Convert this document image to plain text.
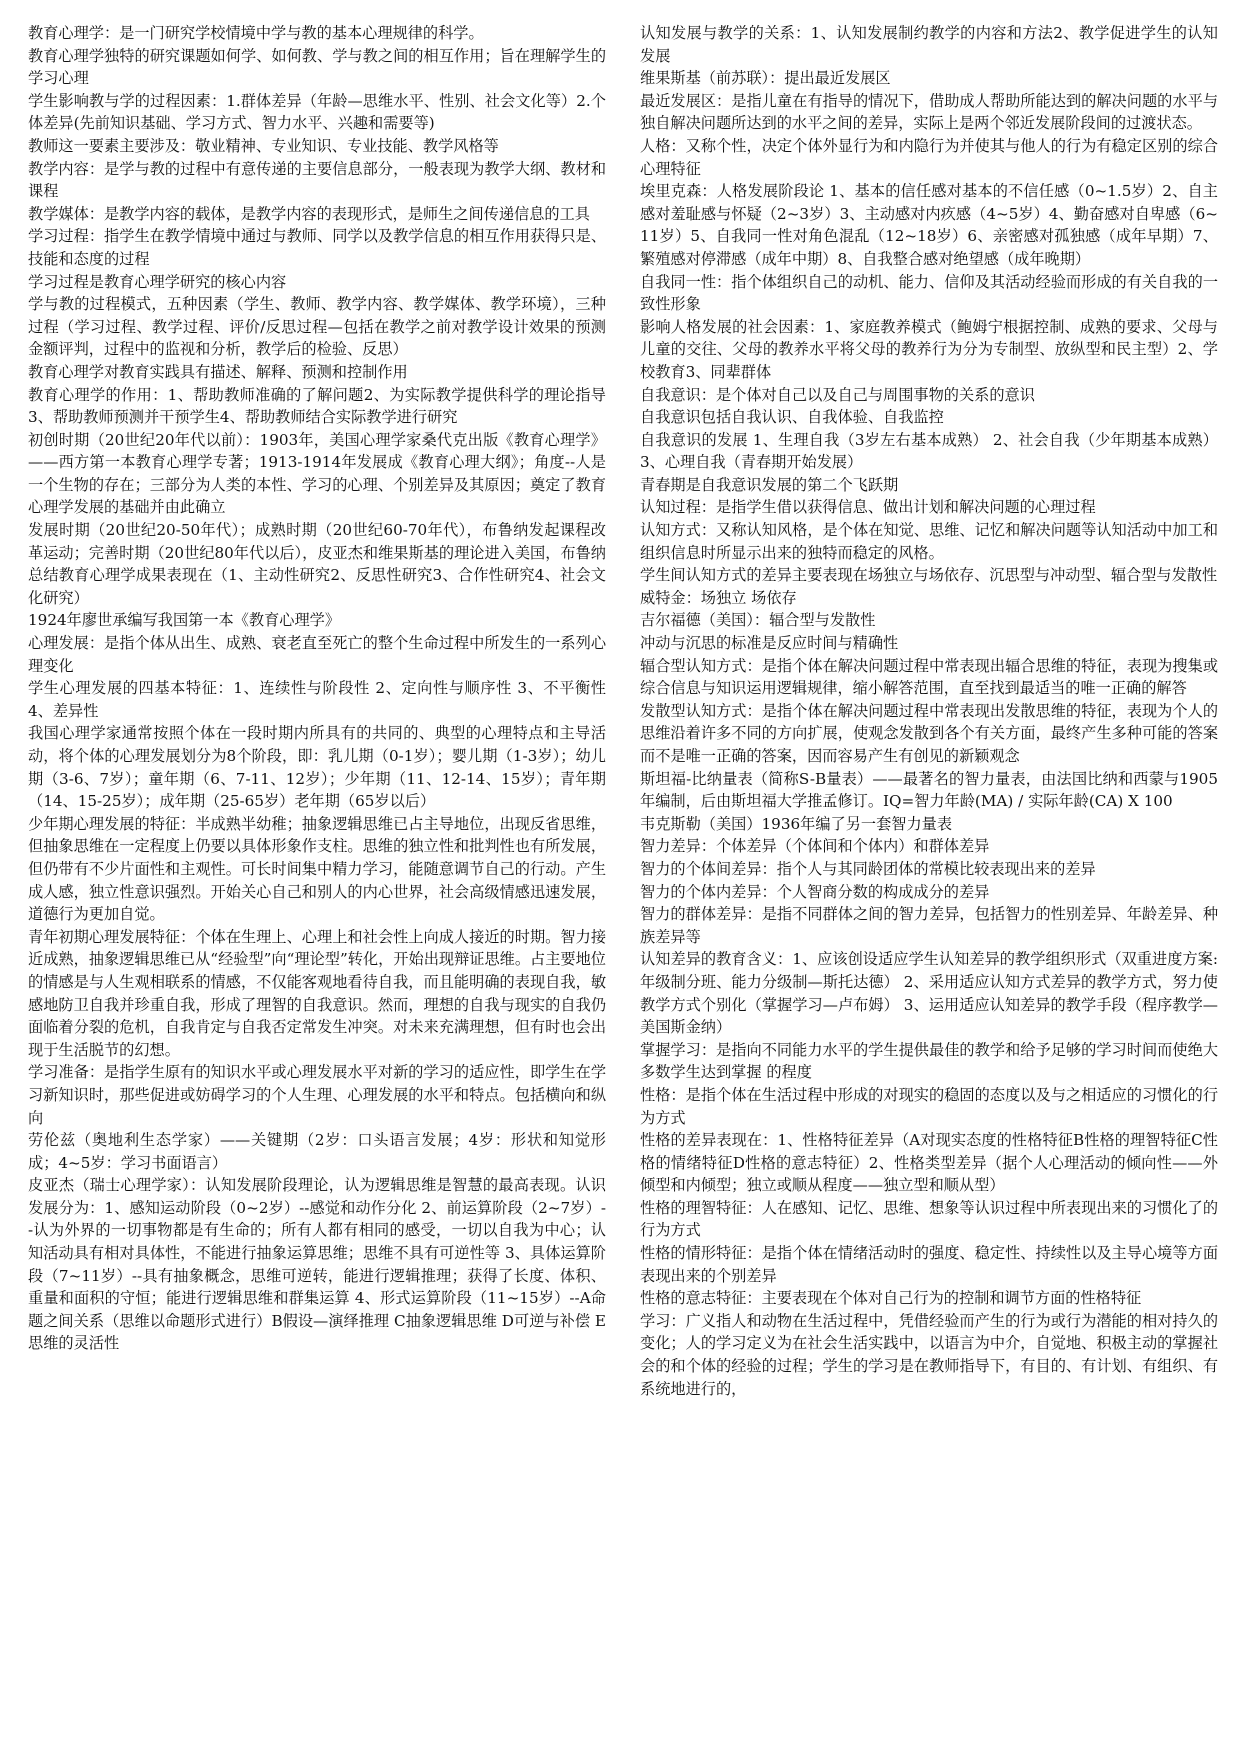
教育心理学：是一门研究学校情境中学与教的基本心理规律的科学。

教育心理学独特的研究课题如何学、如何教、学与教之间的相互作用；旨在理解学生的学习心理

学生影响教与学的过程因素：1.群体差异（年龄—思维水平、性别、社会文化等）2.个体差异(先前知识基础、学习方式、智力水平、兴趣和需要等)

教师这一要素主要涉及：敬业精神、专业知识、专业技能、教学风格等

教学内容：是学与教的过程中有意传递的主要信息部分，一般表现为教学大纲、教材和课程

教学媒体：是教学内容的载体，是教学内容的表现形式，是师生之间传递信息的工具

学习过程：指学生在教学情境中通过与教师、同学以及教学信息的相互作用获得只是、技能和态度的过程

学习过程是教育心理学研究的核心内容

学与教的过程模式，五种因素（学生、教师、教学内容、教学媒体、教学环境），三种过程（学习过程、教学过程、评价/反思过程—包括在教学之前对教学设计效果的预测金额评判，过程中的监视和分析，教学后的检验、反思）

教育心理学对教育实践具有描述、解释、预测和控制作用

教育心理学的作用：1、帮助教师准确的了解问题2、为实际教学提供科学的理论指导3、帮助教师预测并干预学生4、帮助教师结合实际教学进行研究

初创时期（20世纪20年代以前）：1903年，美国心理学家桑代克出版《教育心理学》——西方第一本教育心理学专著；1913-1914年发展成《教育心理大纲》；角度--人是一个生物的存在；三部分为人类的本性、学习的心理、个别差异及其原因；奠定了教育心理学发展的基础并由此确立

发展时期（20世纪20-50年代）；成熟时期（20世纪60-70年代），布鲁纳发起课程改革运动；完善时期（20世纪80年代以后），皮亚杰和维果斯基的理论进入美国，布鲁纳总结教育心理学成果表现在（1、主动性研究2、反思性研究3、合作性研究4、社会文化研究）

1924年廖世承编写我国第一本《教育心理学》

心理发展：是指个体从出生、成熟、衰老直至死亡的整个生命过程中所发生的一系列心理变化

学生心理发展的四基本特征：1、连续性与阶段性 2、定向性与顺序性 3、不平衡性 4、差异性

我国心理学家通常按照个体在一段时期内所具有的共同的、典型的心理特点和主导活动，将个体的心理发展划分为8个阶段，即：乳儿期（0-1岁）；婴儿期（1-3岁）；幼儿期（3-6、7岁）；童年期（6、7-11、12岁）；少年期（11、12-14、15岁）；青年期（14、15-25岁）；成年期（25-65岁）老年期（65岁以后）

少年期心理发展的特征：半成熟半幼稚；抽象逻辑思维已占主导地位，出现反省思维，但抽象思维在一定程度上仍要以具体形象作支柱。思维的独立性和批判性也有所发展，但仍带有不少片面性和主观性。可长时间集中精力学习，能随意调节自己的行动。产生成人感，独立性意识强烈。开始关心自己和别人的内心世界，社会高级情感迅速发展，道德行为更加自觉。

青年初期心理发展特征：个体在生理上、心理上和社会性上向成人接近的时期。智力接近成熟，抽象逻辑思维已从“经验型”向“理论型”转化，开始出现辩证思维。占主要地位的情感是与人生观相联系的情感，不仅能客观地看待自我，而且能明确的表现自我，敏感地防卫自我并珍重自我，形成了理智的自我意识。然而，理想的自我与现实的自我仍面临着分裂的危机，自我肯定与自我否定常发生冲突。对未来充满理想，但有时也会出现于生活脱节的幻想。

学习准备：是指学生原有的知识水平或心理发展水平对新的学习的适应性，即学生在学习新知识时，那些促进或妨碍学习的个人生理、心理发展的水平和特点。包括横向和纵向

劳伦兹（奥地利生态学家）——关键期（2岁：口头语言发展；4岁：形状和知觉形成；4~5岁：学习书面语言）

皮亚杰（瑞士心理学家）：认知发展阶段理论，认为逻辑思维是智慧的最高表现。认识发展分为：1、感知运动阶段（0~2岁）--感觉和动作分化 2、前运算阶段（2~7岁）--认为外界的一切事物都是有生命的；所有人都有相同的感受，一切以自我为中心；认知活动具有相对具体性，不能进行抽象运算思维；思维不具有可逆性等 3、具体运算阶段（7~11岁）--具有抽象概念，思维可逆转，能进行逻辑推理；获得了长度、体积、重量和面积的守恒；能进行逻辑思维和群集运算 4、形式运算阶段（11~15岁）--A命题之间关系（思维以命题形式进行）B假设—演绎推理 C抽象逻辑思维 D可逆与补偿 E思维的灵活性

认知发展与教学的关系：1、认知发展制约教学的内容和方法2、教学促进学生的认知发展

维果斯基（前苏联）：提出最近发展区

最近发展区：是指儿童在有指导的情况下，借助成人帮助所能达到的解决问题的水平与独自解决问题所达到的水平之间的差异，实际上是两个邻近发展阶段间的过渡状态。

人格：又称个性，决定个体外显行为和内隐行为并使其与他人的行为有稳定区别的综合心理特征

埃里克森：人格发展阶段论 1、基本的信任感对基本的不信任感（0~1.5岁）2、自主感对羞耻感与怀疑（2~3岁）3、主动感对内疚感（4~5岁）4、勤奋感对自卑感（6~11岁）5、自我同一性对角色混乱（12~18岁）6、亲密感对孤独感（成年早期）7、繁殖感对停滞感（成年中期）8、自我整合感对绝望感（成年晚期）

自我同一性：指个体组织自己的动机、能力、信仰及其活动经验而形成的有关自我的一致性形象

影响人格发展的社会因素：1、家庭教养模式（鲍姆宁根据控制、成熟的要求、父母与儿童的交往、父母的教养水平将父母的教养行为分为专制型、放纵型和民主型）2、学校教育3、同辈群体

自我意识：是个体对自己以及自己与周围事物的关系的意识

自我意识包括自我认识、自我体验、自我监控

自我意识的发展 1、生理自我（3岁左右基本成熟） 2、社会自我（少年期基本成熟） 3、心理自我（青春期开始发展）

青春期是自我意识发展的第二个飞跃期

认知过程：是指学生借以获得信息、做出计划和解决问题的心理过程

认知方式：又称认知风格，是个体在知觉、思维、记忆和解决问题等认知活动中加工和组织信息时所显示出来的独特而稳定的风格。

学生间认知方式的差异主要表现在场独立与场依存、沉思型与冲动型、辐合型与发散性

威特金：场独立 场依存

吉尔福德（美国）：辐合型与发散性

冲动与沉思的标准是反应时间与精确性

辐合型认知方式：是指个体在解决问题过程中常表现出辐合思维的特征，表现为搜集或综合信息与知识运用逻辑规律，缩小解答范围，直至找到最适当的唯一正确的解答

发散型认知方式：是指个体在解决问题过程中常表现出发散思维的特征，表现为个人的思维沿着许多不同的方向扩展，使观念发散到各个有关方面，最终产生多种可能的答案而不是唯一正确的答案，因而容易产生有创见的新颖观念

斯坦福-比纳量表（简称S-B量表）——最著名的智力量表，由法国比纳和西蒙与1905年编制，后由斯坦福大学推孟修订。IQ=智力年龄(MA) / 实际年龄(CA) X 100

韦克斯勒（美国）1936年编了另一套智力量表

智力差异：个体差异（个体间和个体内）和群体差异

智力的个体间差异：指个人与其同龄团体的常模比较表现出来的差异

智力的个体内差异：个人智商分数的构成成分的差异

智力的群体差异：是指不同群体之间的智力差异，包括智力的性别差异、年龄差异、种族差异等

认知差异的教育含义：1、应该创设适应学生认知差异的教学组织形式（双重进度方案:年级制分班、能力分级制—斯托达德） 2、采用适应认知方式差异的教学方式，努力使教学方式个别化（掌握学习—卢布姆） 3、运用适应认知差异的教学手段（程序教学—美国斯金纳）

掌握学习：是指向不同能力水平的学生提供最佳的教学和给予足够的学习时间而使绝大多数学生达到掌握 的程度

性格：是指个体在生活过程中形成的对现实的稳固的态度以及与之相适应的习惯化的行为方式

性格的差异表现在：1、性格特征差异（A对现实态度的性格特征B性格的理智特征C性格的情绪特征D性格的意志特征）2、性格类型差异（据个人心理活动的倾向性——外倾型和内倾型；独立或顺从程度——独立型和顺从型）

性格的理智特征：人在感知、记忆、思维、想象等认识过程中所表现出来的习惯化了的行为方式

性格的情形特征：是指个体在情绪活动时的强度、稳定性、持续性以及主导心境等方面表现出来的个别差异

性格的意志特征：主要表现在个体对自己行为的控制和调节方面的性格特征

学习：广义指人和动物在生活过程中，凭借经验而产生的行为或行为潜能的相对持久的变化；人的学习定义为在社会生活实践中，以语言为中介，自觉地、积极主动的掌握社会的和个体的经验的过程；学生的学习是在教师指导下，有目的、有计划、有组织、有系统地进行的，
